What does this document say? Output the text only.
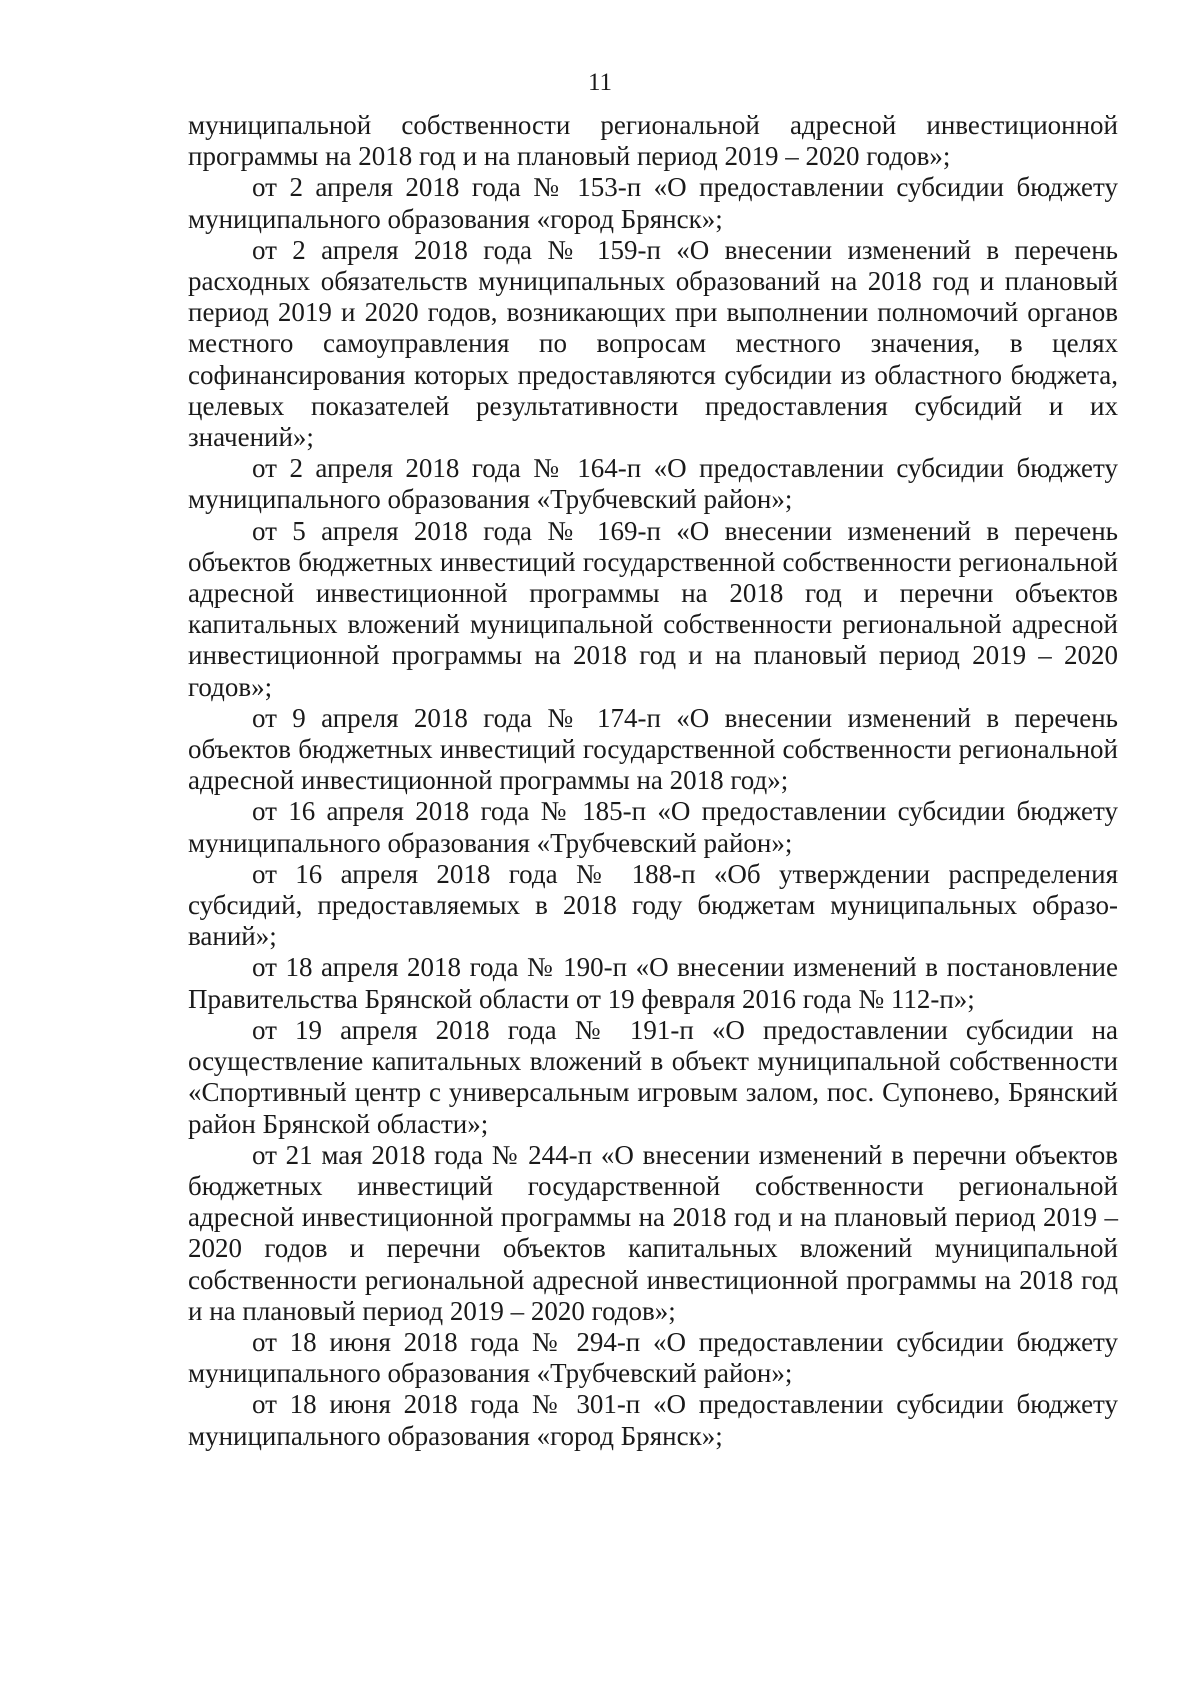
11

муниципальной собственности региональной адресной инвестиционной программы на 2018 год и на плановый период 2019 – 2020 годов»;

от 2 апреля 2018 года № 153-п «О предоставлении субсидии бюджету муниципального образования «город Брянск»;

от 2 апреля 2018 года № 159-п «О внесении изменений в перечень расходных обязательств муниципальных образований на 2018 год и плановый период 2019 и 2020 годов, возникающих при выполнении полномочий органов местного самоуправления по вопросам местного значения, в целях софинансирования которых предоставляются субсидии из областного бюджета, целевых показателей результативности предоставления субсидий и их значений»;

от 2 апреля 2018 года № 164-п «О предоставлении субсидии бюджету муниципального образования «Трубчевский район»;

от 5 апреля 2018 года № 169-п «О внесении изменений в перечень объектов бюджетных инвестиций государственной собственности региональной адресной инвестиционной программы на 2018 год и перечни объектов капитальных вложений муниципальной собственности региональной адресной инвестиционной программы на 2018 год и на плановый период 2019 – 2020 годов»;

от 9 апреля 2018 года № 174-п «О внесении изменений в перечень объектов бюджетных инвестиций государственной собственности региональной адресной инвестиционной программы на 2018 год»;

от 16 апреля 2018 года № 185-п «О предоставлении субсидии бюджету муниципального образования «Трубчевский район»;

от 16 апреля 2018 года № 188-п «Об утверждении распределения субсидий, предоставляемых в 2018 году бюджетам муниципальных образований»;

от 18 апреля 2018 года № 190-п «О внесении изменений в постановление Правительства Брянской области от 19 февраля 2016 года № 112-п»;

от 19 апреля 2018 года № 191-п «О предоставлении субсидии на осуществление капитальных вложений в объект муниципальной собственности «Спортивный центр с универсальным игровым залом, пос. Супонево, Брянский район Брянской области»;

от 21 мая 2018 года № 244-п «О внесении изменений в перечни объектов бюджетных инвестиций государственной собственности региональной адресной инвестиционной программы на 2018 год и на плановый период 2019 – 2020 годов и перечни объектов капитальных вложений муниципальной собственности региональной адресной инвестиционной программы на 2018 год и на плановый период 2019 – 2020 годов»;

от 18 июня 2018 года № 294-п «О предоставлении субсидии бюджету муниципального образования «Трубчевский район»;

от 18 июня 2018 года № 301-п «О предоставлении субсидии бюджету муниципального образования «город Брянск»;
